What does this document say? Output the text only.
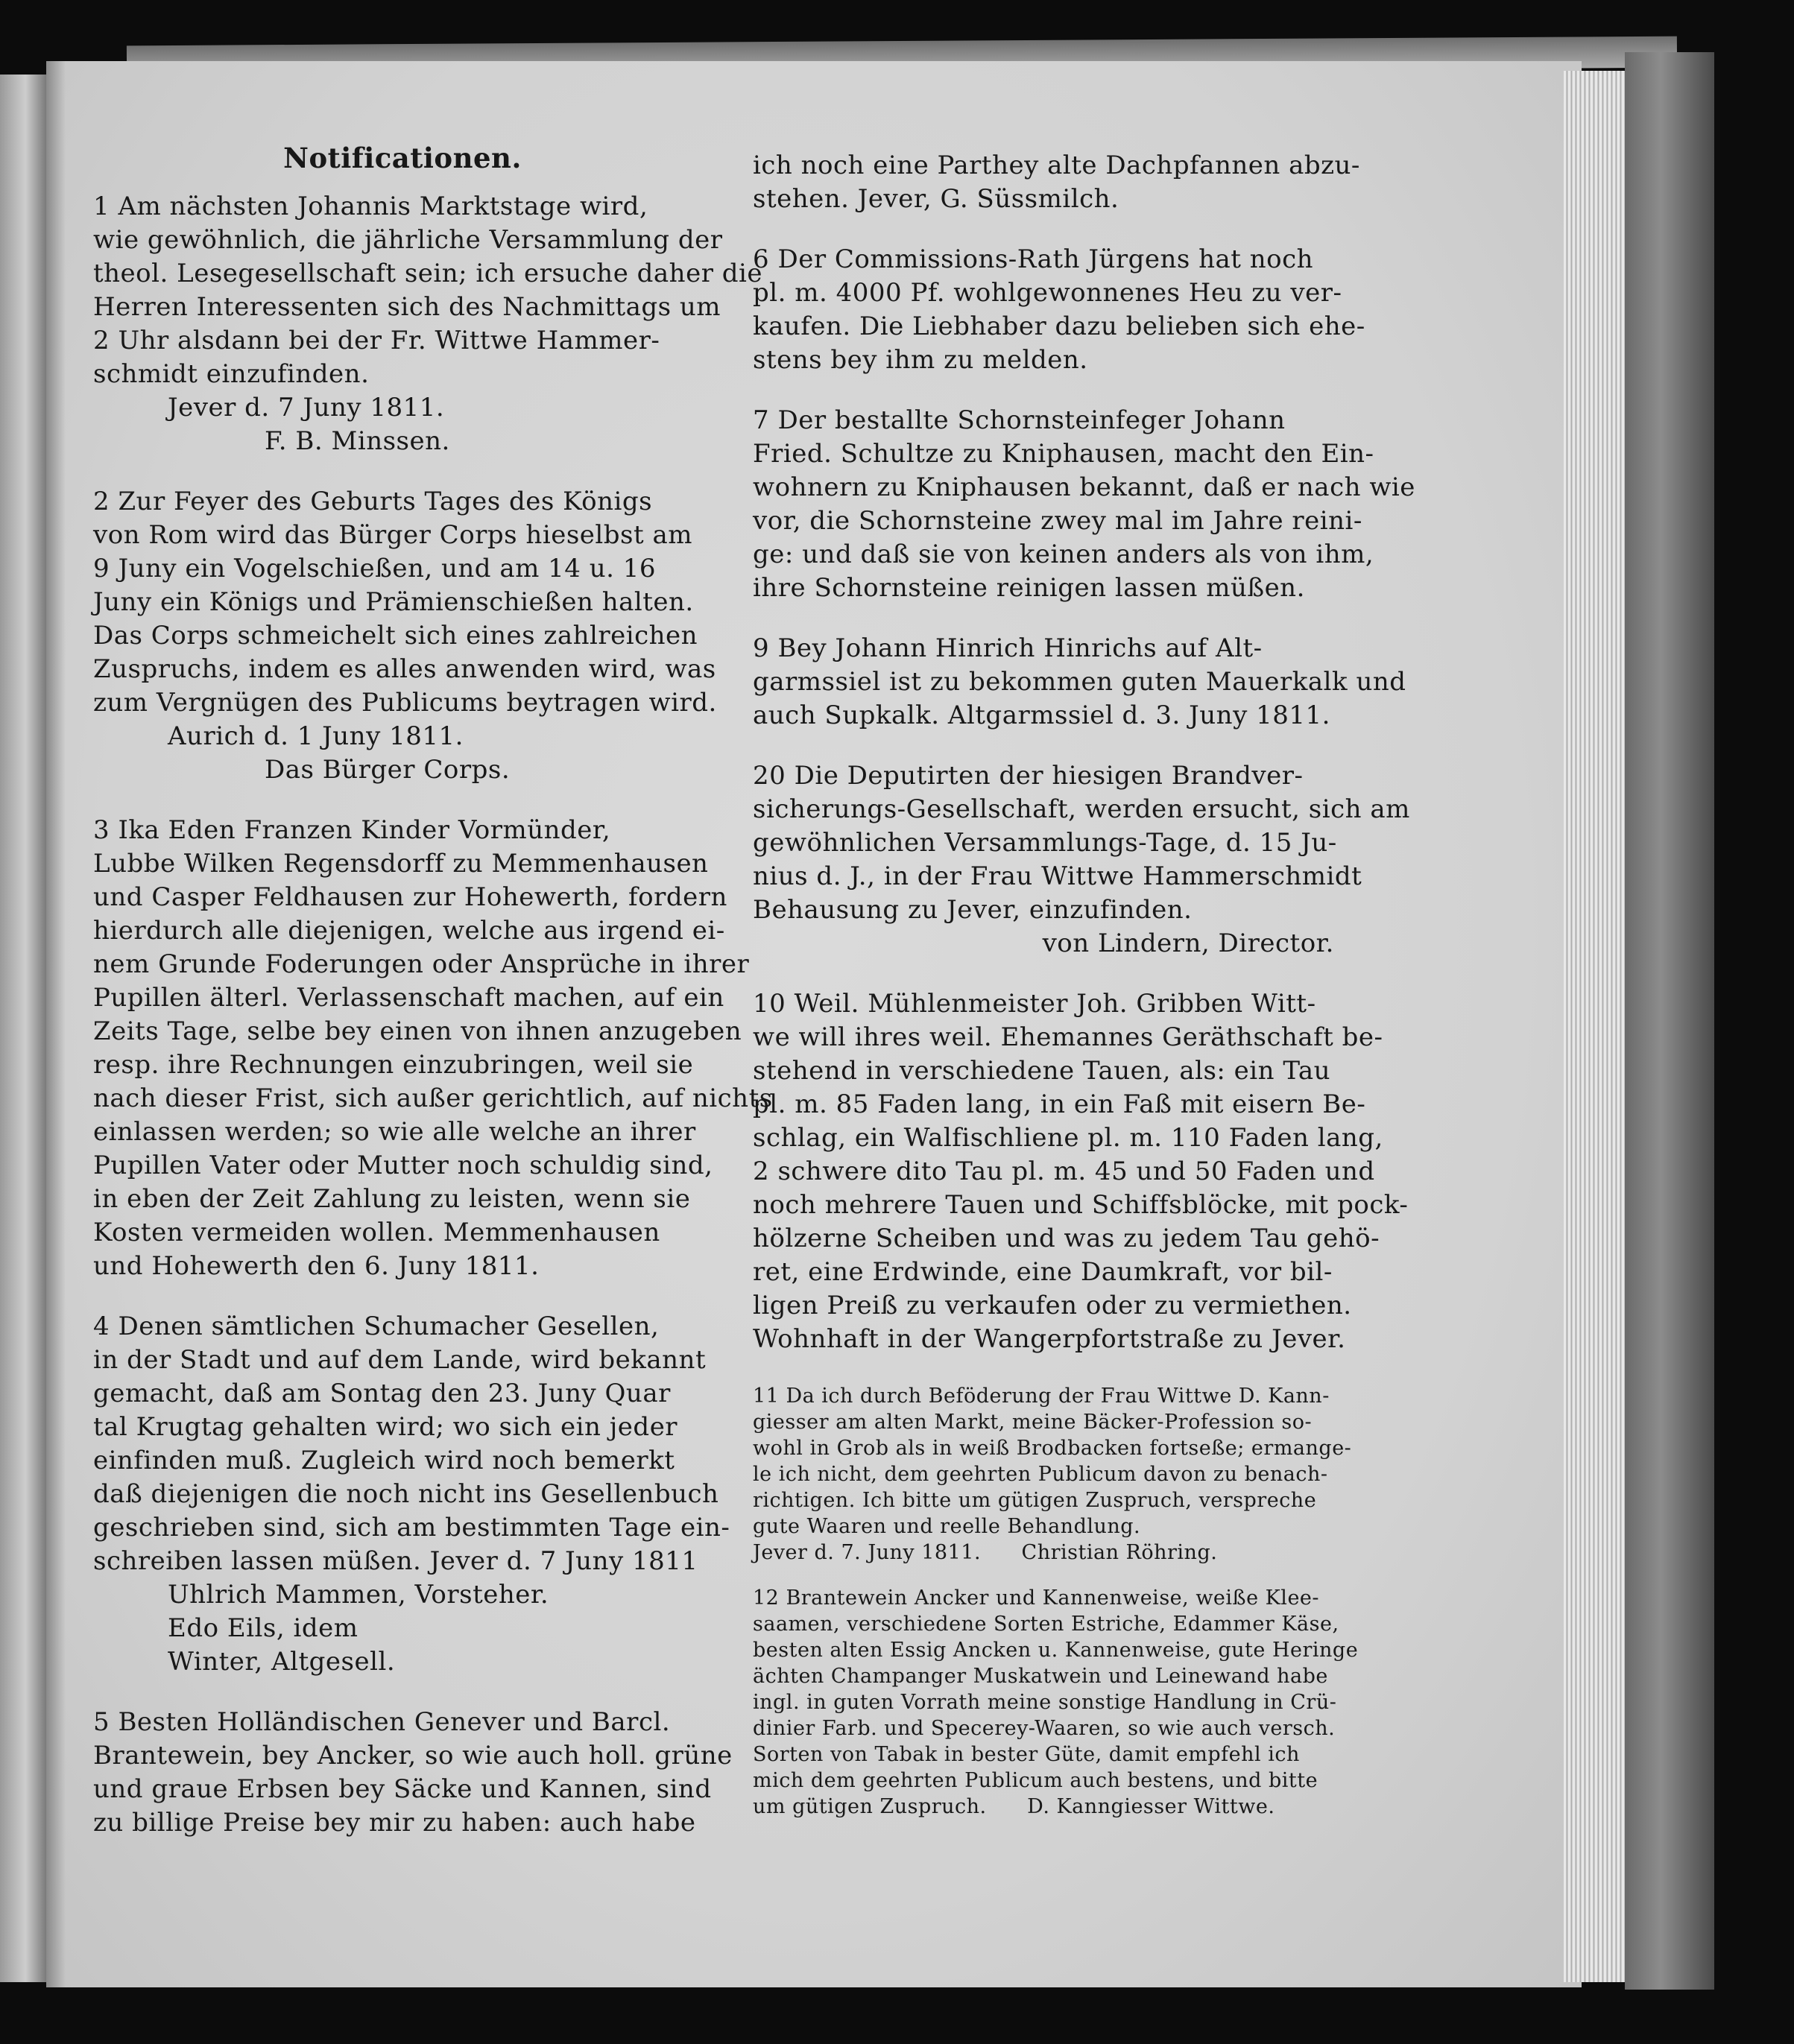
Notificationen.
1 Am nächsten Johannis Marktstage wird,
wie gewöhnlich, die jährliche Versammlung der
theol. Lesegesellschaft sein; ich ersuche daher die
Herren Interessenten sich des Nachmittags um
2 Uhr alsdann bei der Fr. Wittwe Hammer-
schmidt einzufinden.
Jever d. 7 Juny 1811.
F. B. Minssen.
2 Zur Feyer des Geburts Tages des Königs
von Rom wird das Bürger Corps hieselbst am
9 Juny ein Vogelschießen, und am 14 u. 16
Juny ein Königs und Prämienschießen halten.
Das Corps schmeichelt sich eines zahlreichen
Zuspruchs, indem es alles anwenden wird, was
zum Vergnügen des Publicums beytragen wird.
Aurich d. 1 Juny 1811.
Das Bürger Corps.
3 Ika Eden Franzen Kinder Vormünder,
Lubbe Wilken Regensdorff zu Memmenhausen
und Casper Feldhausen zur Hohewerth, fordern
hierdurch alle diejenigen, welche aus irgend ei-
nem Grunde Foderungen oder Ansprüche in ihrer
Pupillen älterl. Verlassenschaft machen, auf ein
Zeits Tage, selbe bey einen von ihnen anzugeben
resp. ihre Rechnungen einzubringen, weil sie
nach dieser Frist, sich außer gerichtlich, auf nichts
einlassen werden; so wie alle welche an ihrer
Pupillen Vater oder Mutter noch schuldig sind,
in eben der Zeit Zahlung zu leisten, wenn sie
Kosten vermeiden wollen. Memmenhausen
und Hohewerth den 6. Juny 1811.
4 Denen sämtlichen Schumacher Gesellen,
in der Stadt und auf dem Lande, wird bekannt
gemacht, daß am Sontag den 23. Juny Quar
tal Krugtag gehalten wird; wo sich ein jeder
einfinden muß. Zugleich wird noch bemerkt
daß diejenigen die noch nicht ins Gesellenbuch
geschrieben sind, sich am bestimmten Tage ein-
schreiben lassen müßen. Jever d. 7 Juny 1811
Uhlrich Mammen, Vorsteher.
Edo Eils, idem
Winter, Altgesell.
5 Besten Holländischen Genever und Barcl.
Brantewein, bey Ancker, so wie auch holl. grüne
und graue Erbsen bey Säcke und Kannen, sind
zu billige Preise bey mir zu haben: auch habe
ich noch eine Parthey alte Dachpfannen abzu-
stehen. Jever, G. Süssmilch.
6 Der Commissions-Rath Jürgens hat noch
pl. m. 4000 Pf. wohlgewonnenes Heu zu ver-
kaufen. Die Liebhaber dazu belieben sich ehe-
stens bey ihm zu melden.
7 Der bestallte Schornsteinfeger Johann
Fried. Schultze zu Kniphausen, macht den Ein-
wohnern zu Kniphausen bekannt, daß er nach wie
vor, die Schornsteine zwey mal im Jahre reini-
ge: und daß sie von keinen anders als von ihm,
ihre Schornsteine reinigen lassen müßen.
9 Bey Johann Hinrich Hinrichs auf Alt-
garmssiel ist zu bekommen guten Mauerkalk und
auch Supkalk. Altgarmssiel d. 3. Juny 1811.
20 Die Deputirten der hiesigen Brandver-
sicherungs-Gesellschaft, werden ersucht, sich am
gewöhnlichen Versammlungs-Tage, d. 15 Ju-
nius d. J., in der Frau Wittwe Hammerschmidt
Behausung zu Jever, einzufinden.
von Lindern, Director.
10 Weil. Mühlenmeister Joh. Gribben Witt-
we will ihres weil. Ehemannes Geräthschaft be-
stehend in verschiedene Tauen, als: ein Tau
pl. m. 85 Faden lang, in ein Faß mit eisern Be-
schlag, ein Walfischliene pl. m. 110 Faden lang,
2 schwere dito Tau pl. m. 45 und 50 Faden und
noch mehrere Tauen und Schiffsblöcke, mit pock-
hölzerne Scheiben und was zu jedem Tau gehö-
ret, eine Erdwinde, eine Daumkraft, vor bil-
ligen Preiß zu verkaufen oder zu vermiethen.
Wohnhaft in der Wangerpfortstraße zu Jever.
11 Da ich durch Beföderung der Frau Wittwe D. Kann-
giesser am alten Markt, meine Bäcker-Profession so-
wohl in Grob als in weiß Brodbacken fortseße; ermange-
le ich nicht, dem geehrten Publicum davon zu benach-
richtigen. Ich bitte um gütigen Zuspruch, verspreche
gute Waaren und reelle Behandlung.
Jever d. 7. Juny 1811.      Christian Röhring.
12 Brantewein Ancker und Kannenweise, weiße Klee-
saamen, verschiedene Sorten Estriche, Edammer Käse,
besten alten Essig Ancken u. Kannenweise, gute Heringe
ächten Champanger Muskatwein und Leinewand habe
ingl. in guten Vorrath meine sonstige Handlung in Crü-
dinier Farb. und Specerey-Waaren, so wie auch versch.
Sorten von Tabak in bester Güte, damit empfehl ich
mich dem geehrten Publicum auch bestens, und bitte
um gütigen Zuspruch.      D. Kanngiesser Wittwe.
